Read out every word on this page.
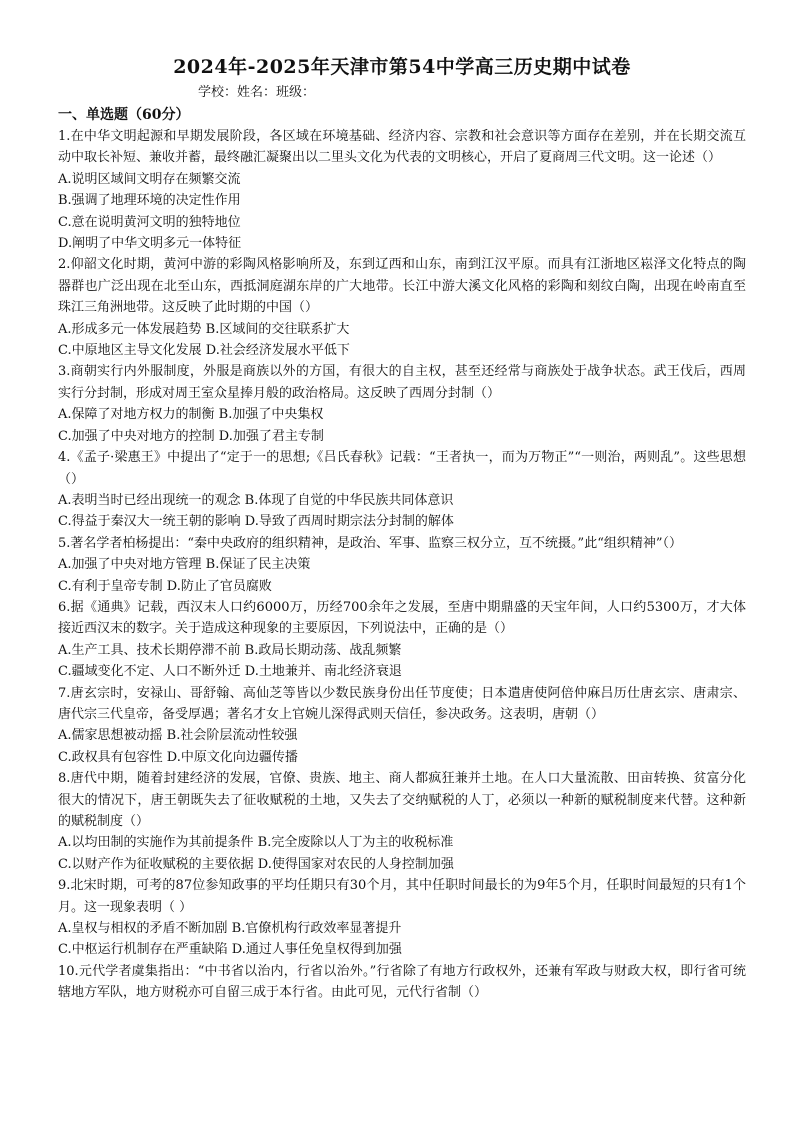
2024年-2025年天津市第54中学高三历史期中试卷
学校：姓名：班级：
一、单选题（60分）

1.在中华文明起源和早期发展阶段，各区域在环境基础、经济内容、宗教和社会意识等方面存在差别，并在长期交流互动中取长补短、兼收并蓄，最终融汇凝聚出以二里头文化为代表的文明核心，开启了夏商周三代文明。这一论述（）

A.说明区域间文明存在频繁交流

B.强调了地理环境的决定性作用

C.意在说明黄河文明的独特地位

D.阐明了中华文明多元一体特征

2.仰韶文化时期，黄河中游的彩陶风格影响所及，东到辽西和山东，南到江汉平原。而具有江浙地区崧泽文化特点的陶器群也广泛出现在北至山东，西抵洞庭湖东岸的广大地带。长江中游大溪文化风格的彩陶和刻纹白陶，出现在岭南直至珠江三角洲地带。这反映了此时期的中国（）

A.形成多元一体发展趋势 B.区域间的交往联系扩大

C.中原地区主导文化发展 D.社会经济发展水平低下

3.商朝实行内外服制度，外服是商族以外的方国，有很大的自主权，甚至还经常与商族处于战争状态。武王伐后，西周实行分封制，形成对周王室众星捧月般的政治格局。这反映了西周分封制（）

A.保障了对地方权力的制衡 B.加强了中央集权

C.加强了中央对地方的控制 D.加强了君主专制

4.《孟子·梁惠王》中提出了“定于一的思想;《吕氏春秋》记载：“王者执一，而为万物正”“一则治，两则乱”。这些思想（）

A.表明当时已经出现统一的观念 B.体现了自觉的中华民族共同体意识

C.得益于秦汉大一统王朝的影响 D.导致了西周时期宗法分封制的解体

5.著名学者柏杨提出：“秦中央政府的组织精神，是政治、军事、监察三权分立，互不统摄。”此“组织精神”（）

A.加强了中央对地方管理 B.保证了民主决策

C.有利于皇帝专制 D.防止了官员腐败

6.据《通典》记载，西汉末人口约6000万，历经700余年之发展，至唐中期鼎盛的天宝年间，人口约5300万，才大体接近西汉末的数字。关于造成这种现象的主要原因，下列说法中，正确的是（）

A.生产工具、技术长期停滞不前 B.政局长期动荡、战乱频繁

C.疆域变化不定、人口不断外迁 D.土地兼并、南北经济衰退

7.唐玄宗时，安禄山、哥舒翰、高仙芝等皆以少数民族身份出任节度使；日本遣唐使阿倍仲麻吕历仕唐玄宗、唐肃宗、唐代宗三代皇帝，备受厚遇；著名才女上官婉儿深得武则天信任，参决政务。这表明，唐朝（）

A.儒家思想被动摇 B.社会阶层流动性较强

C.政权具有包容性 D.中原文化向边疆传播

8.唐代中期，随着封建经济的发展，官僚、贵族、地主、商人都疯狂兼并土地。在人口大量流散、田亩转换、贫富分化很大的情况下，唐王朝既失去了征收赋税的土地，又失去了交纳赋税的人丁，必须以一种新的赋税制度来代替。这种新的赋税制度（）

A.以均田制的实施作为其前提条件 B.完全废除以人丁为主的收税标准

C.以财产作为征收赋税的主要依据 D.使得国家对农民的人身控制加强

9.北宋时期，可考的87位参知政事的平均任期只有30个月，其中任职时间最长的为9年5个月，任职时间最短的只有1个月。这一现象表明（ ）

A.皇权与相权的矛盾不断加剧 B.官僚机构行政效率显著提升

C.中枢运行机制存在严重缺陷 D.通过人事任免皇权得到加强

10.元代学者虞集指出：“中书省以治内，行省以治外。”行省除了有地方行政权外，还兼有军政与财政大权，即行省可统辖地方军队，地方财税亦可自留三成于本行省。由此可见，元代行省制（）
